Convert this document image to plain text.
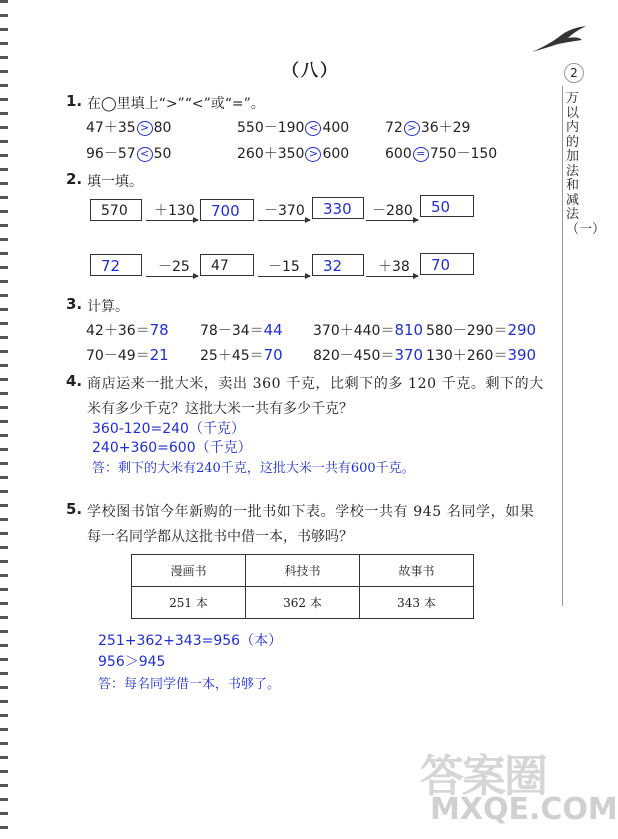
2
万以内的加法和减法（一）
（八）
1. 在◯里填上“>”“<”或“=”。
47＋35 > 80	550－190 < 400	72 > 36＋29
96－57 < 50	260＋350 > 600	600 = 750－150
2. 填一填。
570	＋130	700	－370	330	－280	50
72	－25	47	－15	32	＋38	70
3. 计算。
42＋36＝78 78－34＝44 370＋440＝810 580－290＝290
70－49＝21 25＋45＝70 820－450＝370 130＋260＝390
4. 商店运来一批大米，卖出 360 千克，比剩下的多 120 千克。剩下的大
米有多少千克？这批大米一共有多少千克？
360-120=240（千克）
240+360=600（千克）
答：剩下的大米有240千克，这批大米一共有600千克。
5. 学校图书馆今年新购的一批书如下表。学校一共有 945 名同学，如果
每一名同学都从这批书中借一本，书够吗？
漫画书	科技书	故事书
251 本	362 本	343 本
251+362+343=956（本）
956＞945
答：每名同学借一本，书够了。
答案圈
MXQE.COM
